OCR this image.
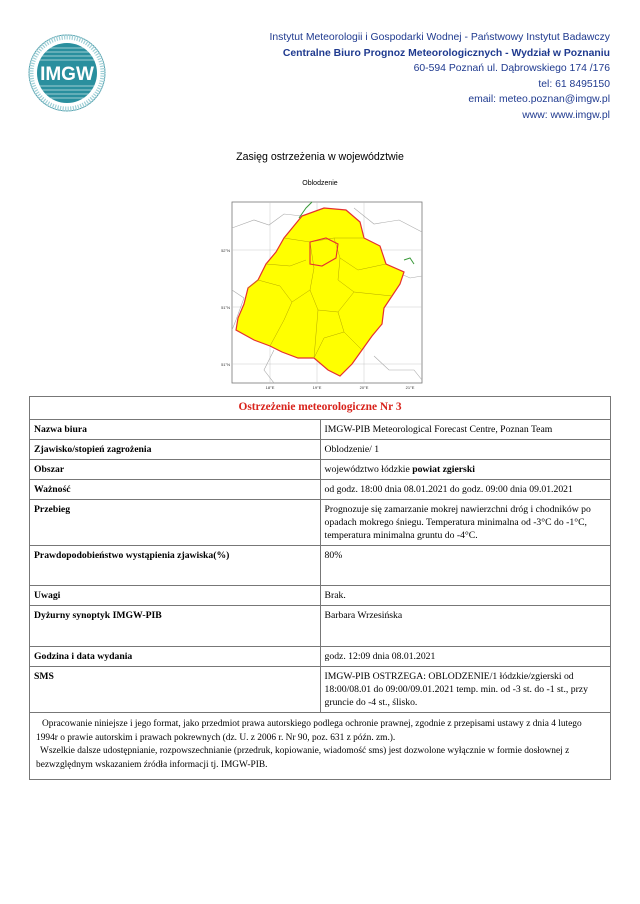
IMGW
Instytut Meteorologii i Gospodarki Wodnej - Państwowy Instytut Badawczy
Centralne Biuro Prognoz Meteorologicznych - Wydział w Poznaniu
60-594 Poznań ul. Dąbrowskiego 174 /176
tel: 61 8495150
email: meteo.poznan@imgw.pl
www: www.imgw.pl
Zasięg ostrzeżenia w województwie
18°E	19°E	20°E	21°E
52°N
51°N
51°N
Oblodzenie
Ostrzeżenie meteorologiczne Nr 3	
Nazwa biura	IMGW-PIB Meteorological Forecast Centre, Poznan Team
Zjawisko/stopień zagrożenia	Oblodzenie/ 1
Obszar	województwo łódzkie powiat zgierski
Ważność	od godz. 18:00 dnia 08.01.2021 do godz. 09:00 dnia 09.01.2021
Przebieg	Prognozuje się zamarzanie mokrej nawierzchni dróg i chodników po opadach mokrego śniegu. Temperatura minimalna od -3°C do -1°C, temperatura minimalna gruntu do -4°C.
Prawdopodobieństwo wystąpienia zjawiska(%)	80%
Uwagi	Brak.
Dyżurny synoptyk IMGW-PIB	Barbara Wrzesińska
Godzina i data wydania	godz. 12:09 dnia 08.01.2021
SMS	IMGW-PIB OSTRZEGA: OBLODZENIE/1 łódzkie/zgierski od 18:00/08.01 do 09:00/09.01.2021 temp. min. od -3 st. do -1 st., przy gruncie do -4 st., ślisko.

Opracowanie niniejsze i jego format, jako przedmiot prawa autorskiego podlega ochronie prawnej, zgodnie z przepisami ustawy z dnia 4 lutego 1994r o prawie autorskim i prawach pokrewnych (dz. U. z 2006 r. Nr 90, poz. 631 z późn. zm.).
Wszelkie dalsze udostępnianie, rozpowszechnianie (przedruk, kopiowanie, wiadomość sms) jest dozwolone wyłącznie w formie dosłownej z bezwzględnym wskazaniem źródła informacji tj. IMGW-PIB.	
